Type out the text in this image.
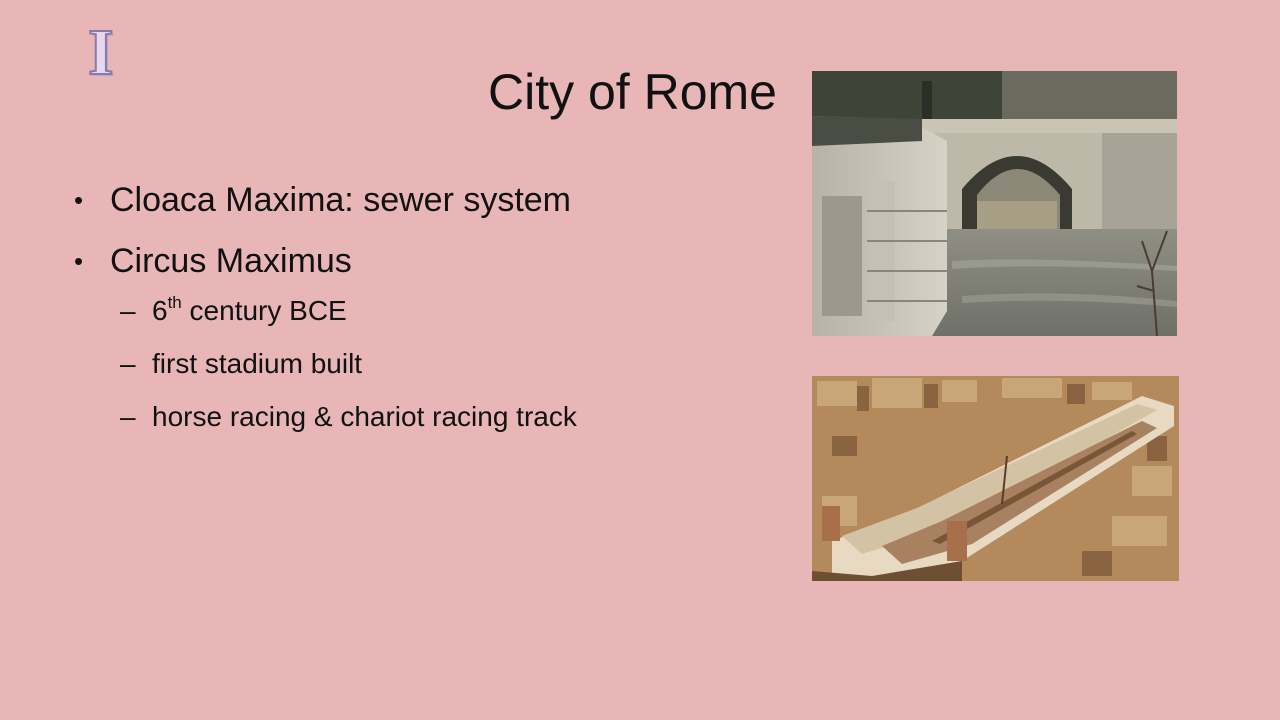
I
City of Rome
• Cloaca Maxima: sewer system
• Circus Maximus
– 6th century BCE
– first stadium built
– horse racing & chariot racing track
